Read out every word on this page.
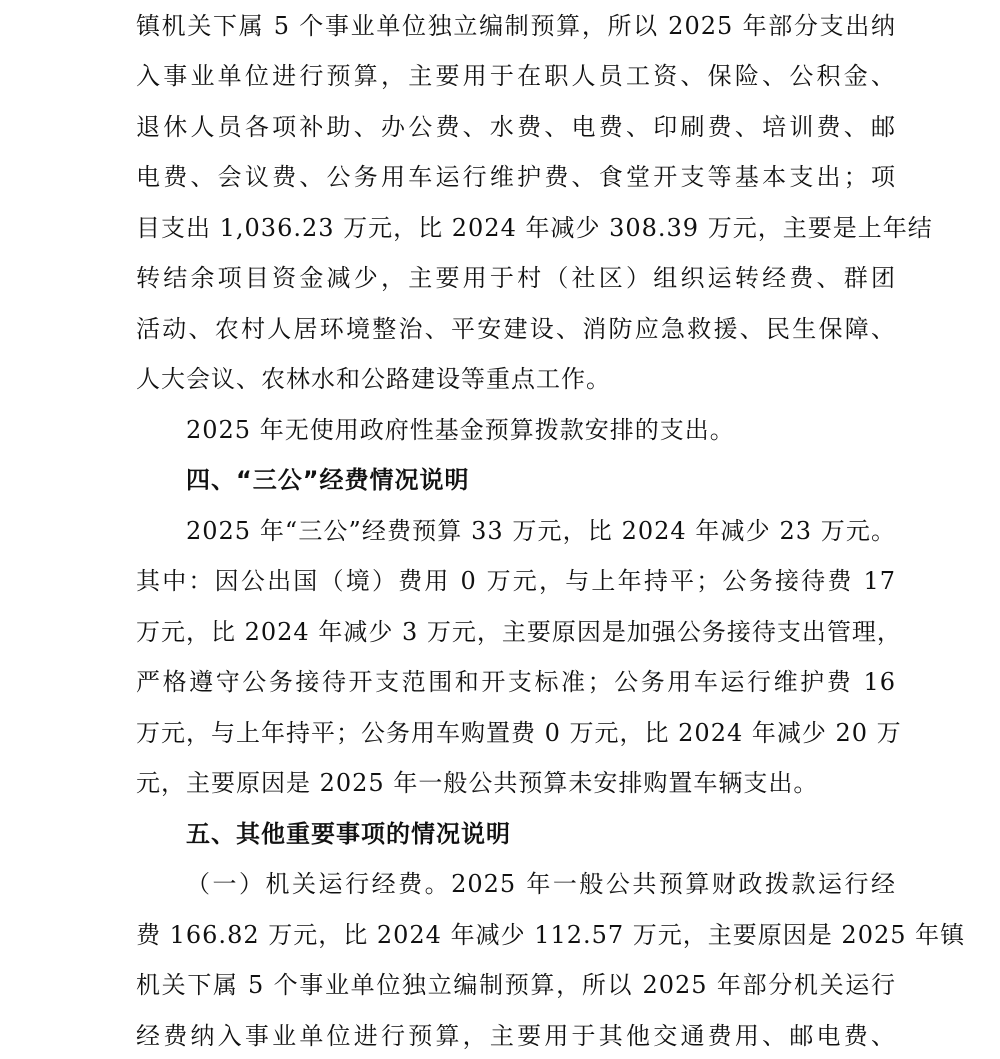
镇机关下属 5 个事业单位独立编制预算，所以 2025 年部分支出纳
入事业单位进行预算，主要用于在职人员工资、保险、公积金、
退休人员各项补助、办公费、水费、电费、印刷费、培训费、邮
电费、会议费、公务用车运行维护费、食堂开支等基本支出；项
目支出 1,036.23 万元，比 2024 年减少 308.39 万元，主要是上年结
转结余项目资金减少，主要用于村（社区）组织运转经费、群团
活动、农村人居环境整治、平安建设、消防应急救援、民生保障、
人大会议、农林水和公路建设等重点工作。
2025 年无使用政府性基金预算拨款安排的支出。
四、“三公”经费情况说明
2025 年“三公”经费预算 33 万元，比 2024 年减少 23 万元。
其中：因公出国（境）费用 0 万元，与上年持平；公务接待费 17
万元，比 2024 年减少 3 万元，主要原因是加强公务接待支出管理，
严格遵守公务接待开支范围和开支标准；公务用车运行维护费 16
万元，与上年持平；公务用车购置费 0 万元，比 2024 年减少 20 万
元，主要原因是 2025 年一般公共预算未安排购置车辆支出。
五、其他重要事项的情况说明
（一）机关运行经费。2025 年一般公共预算财政拨款运行经
费 166.82 万元，比 2024 年减少 112.57 万元，主要原因是 2025 年镇
机关下属 5 个事业单位独立编制预算，所以 2025 年部分机关运行
经费纳入事业单位进行预算，主要用于其他交通费用、邮电费、
